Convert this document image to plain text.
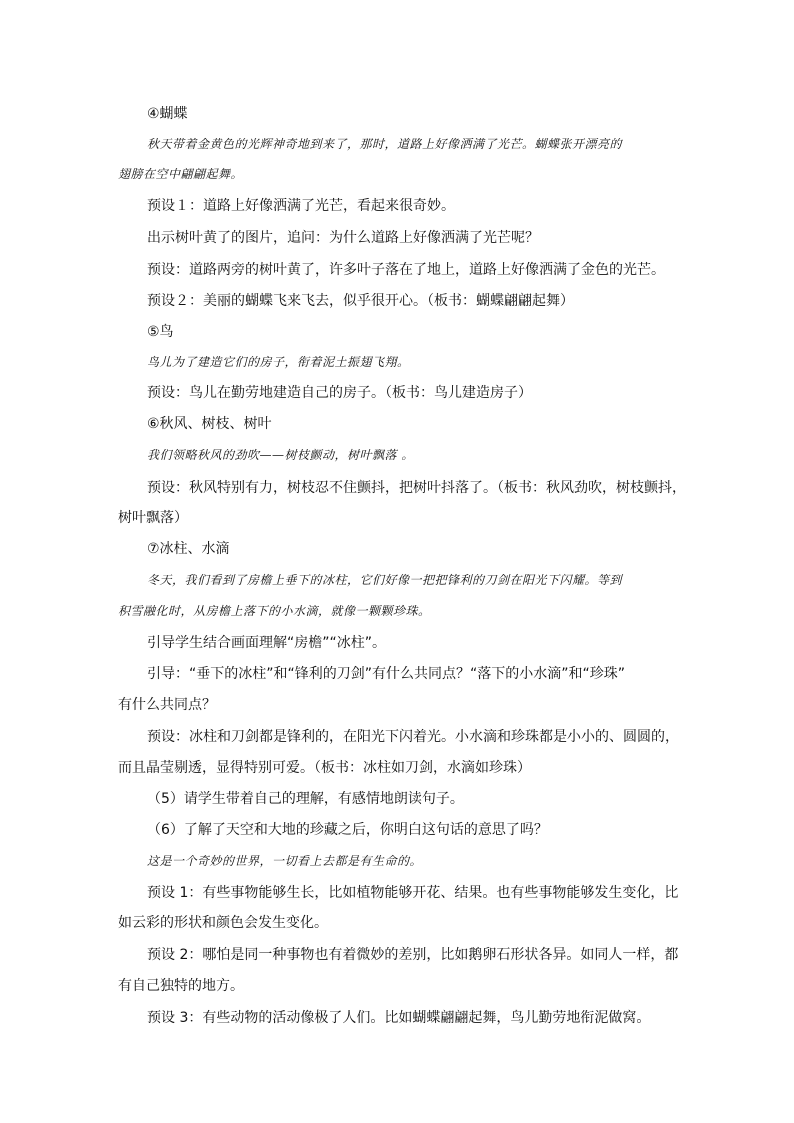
④蝴蝶
秋天带着金黄色的光辉神奇地到来了，那时，道路上好像洒满了光芒。蝴蝶张开漂亮的
翅膀在空中翩翩起舞。
预设１：道路上好像洒满了光芒，看起来很奇妙。
出示树叶黄了的图片，追问：为什么道路上好像洒满了光芒呢？
预设：道路两旁的树叶黄了，许多叶子落在了地上，道路上好像洒满了金色的光芒。
预设２：美丽的蝴蝶飞来飞去，似乎很开心。（板书：蝴蝶翩翩起舞）
⑤鸟
鸟儿为了建造它们的房子，衔着泥土振翅飞翔。
预设：鸟儿在勤劳地建造自己的房子。（板书：鸟儿建造房子）
⑥秋风、树枝、树叶
我们领略秋风的劲吹——树枝颤动，树叶飘落 。
预设：秋风特别有力，树枝忍不住颤抖，把树叶抖落了。（板书：秋风劲吹，树枝颤抖，
树叶飘落）
⑦冰柱、水滴
冬天，我们看到了房檐上垂下的冰柱，它们好像一把把锋利的刀剑在阳光下闪耀。等到
积雪融化时，从房檐上落下的小水滴，就像一颗颗珍珠。
引导学生结合画面理解“房檐”“冰柱”。
引导：“垂下的冰柱”和“锋利的刀剑”有什么共同点？“落下的小水滴”和“珍珠”
有什么共同点？
预设：冰柱和刀剑都是锋利的，在阳光下闪着光。小水滴和珍珠都是小小的、圆圆的，
而且晶莹剔透，显得特别可爱。（板书：冰柱如刀剑，水滴如珍珠）
（5）请学生带着自己的理解，有感情地朗读句子。
（6）了解了天空和大地的珍藏之后，你明白这句话的意思了吗？
这是一个奇妙的世界，一切看上去都是有生命的。
预设 1：有些事物能够生长，比如植物能够开花、结果。也有些事物能够发生变化，比
如云彩的形状和颜色会发生变化。
预设 2：哪怕是同一种事物也有着微妙的差别，比如鹅卵石形状各异。如同人一样，都
有自己独特的地方。
预设 3：有些动物的活动像极了人们。比如蝴蝶翩翩起舞，鸟儿勤劳地衔泥做窝。
